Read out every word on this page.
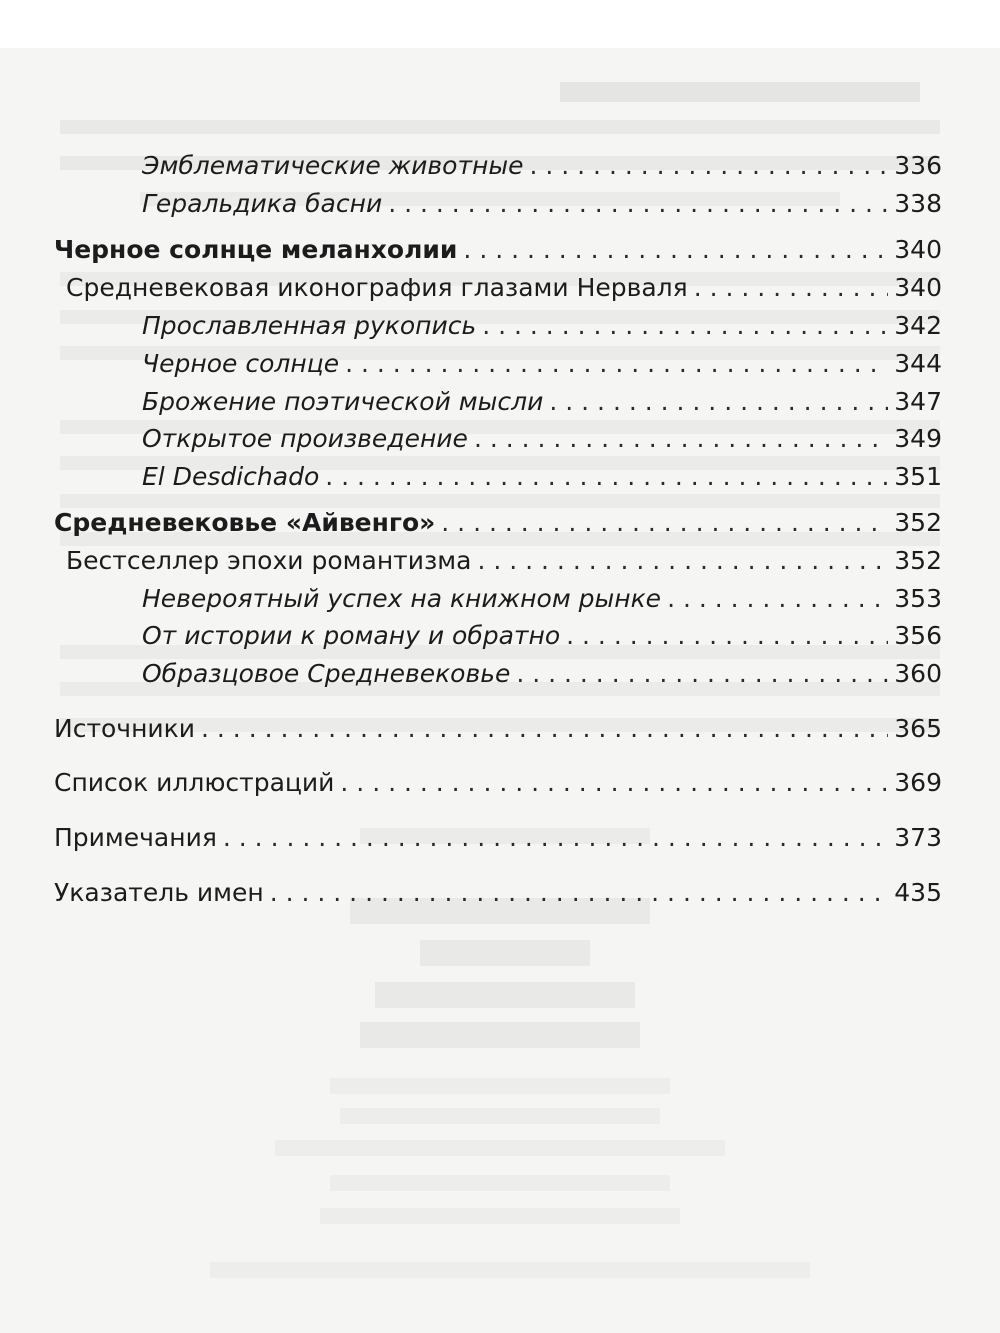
Эмблематические животные . . .	336
Геральдика басни . . .	338
Черное солнце меланхолии . . .	340
Средневековая иконография глазами Нерваля . . .	340
Прославленная рукопись . . .	342
Черное солнце . . .	344
Брожение поэтической мысли . . .	347
Открытое произведение . . .	349
El Desdichado . . .	351
Средневековье «Айвенго» . . .	352
Бестселлер эпохи романтизма . . .	352
Невероятный успех на книжном рынке . . .	353
От истории к роману и обратно . . .	356
Образцовое Средневековье . . .	360
Источники . . .	365
Список иллюстраций . . .	369
Примечания . . .	373
Указатель имен . . .	435
